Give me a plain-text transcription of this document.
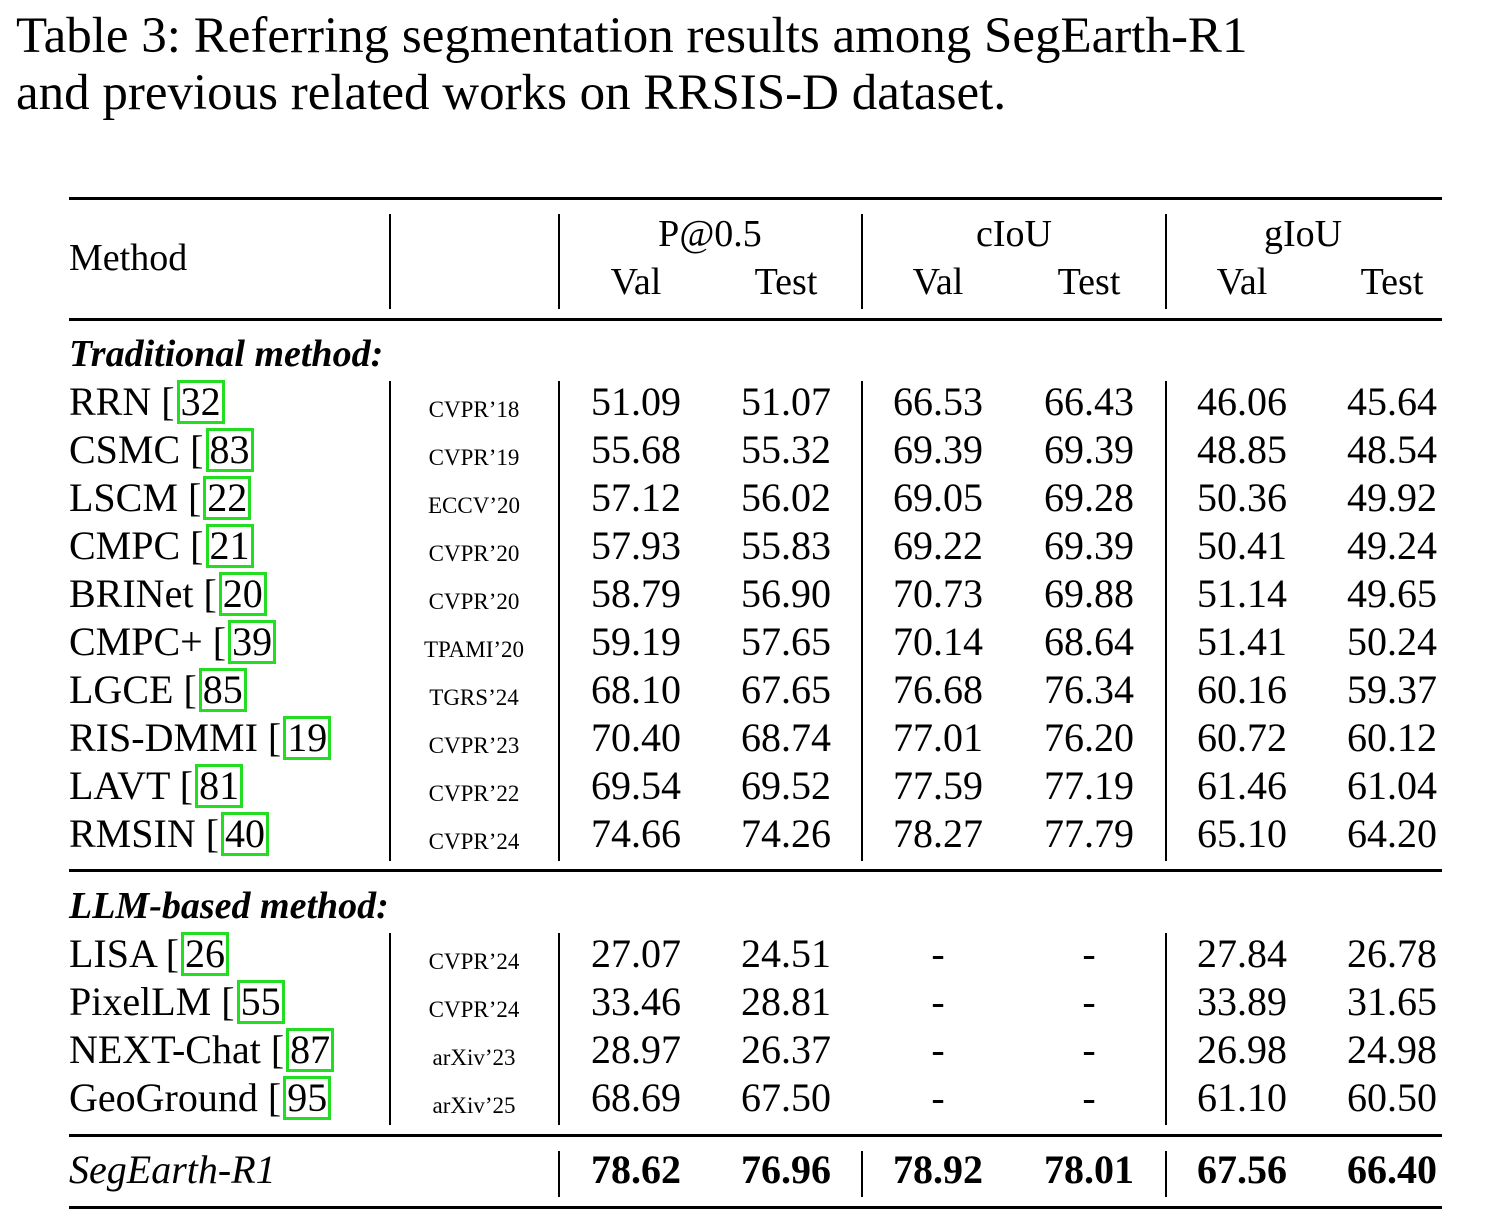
Table 3: Referring segmentation results among SegEarth-R1
and previous related works on RRSIS-D dataset.
Method
P@0.5	cIoU	gIoU
Val Test	Val Test	Val Test
Traditional method:
RRN [ 32	CVPR’18 51.09 51.07 66.53 66.43 46.06 45.64
CSMC [ 83	CVPR’19 55.68 55.32 69.39 69.39 48.85 48.54
LSCM [ 22	ECCV’20 57.12 56.02 69.05 69.28 50.36 49.92
CMPC [ 21	CVPR’20 57.93 55.83 69.22 69.39 50.41 49.24
BRINet [ 20	CVPR’20 58.79 56.90 70.73 69.88 51.14 49.65
CMPC+ [ 39	TPAMI’20 59.19 57.65 70.14 68.64 51.41 50.24
LGCE [ 85	TGRS’24 68.10 67.65 76.68 76.34 60.16 59.37
RIS-DMMI [ 19	CVPR’23 70.40 68.74 77.01 76.20 60.72 60.12
LAVT [ 81	CVPR’22 69.54 69.52 77.59 77.19 61.46 61.04
RMSIN [ 40	CVPR’24 74.66 74.26 78.27 77.79 65.10 64.20
LLM-based method:
LISA [ 26	CVPR’24 27.07 24.51	-	-	27.84 26.78
PixelLM [ 55	CVPR’24 33.46 28.81	-	-	33.89 31.65
NEXT-Chat [ 87	arXiv’23 28.97 26.37	-	-	26.98 24.98
GeoGround [ 95	arXiv’25 68.69 67.50	-	-	61.10 60.50
SegEarth-R1	78.62 76.96 78.92 78.01 67.56 66.40
